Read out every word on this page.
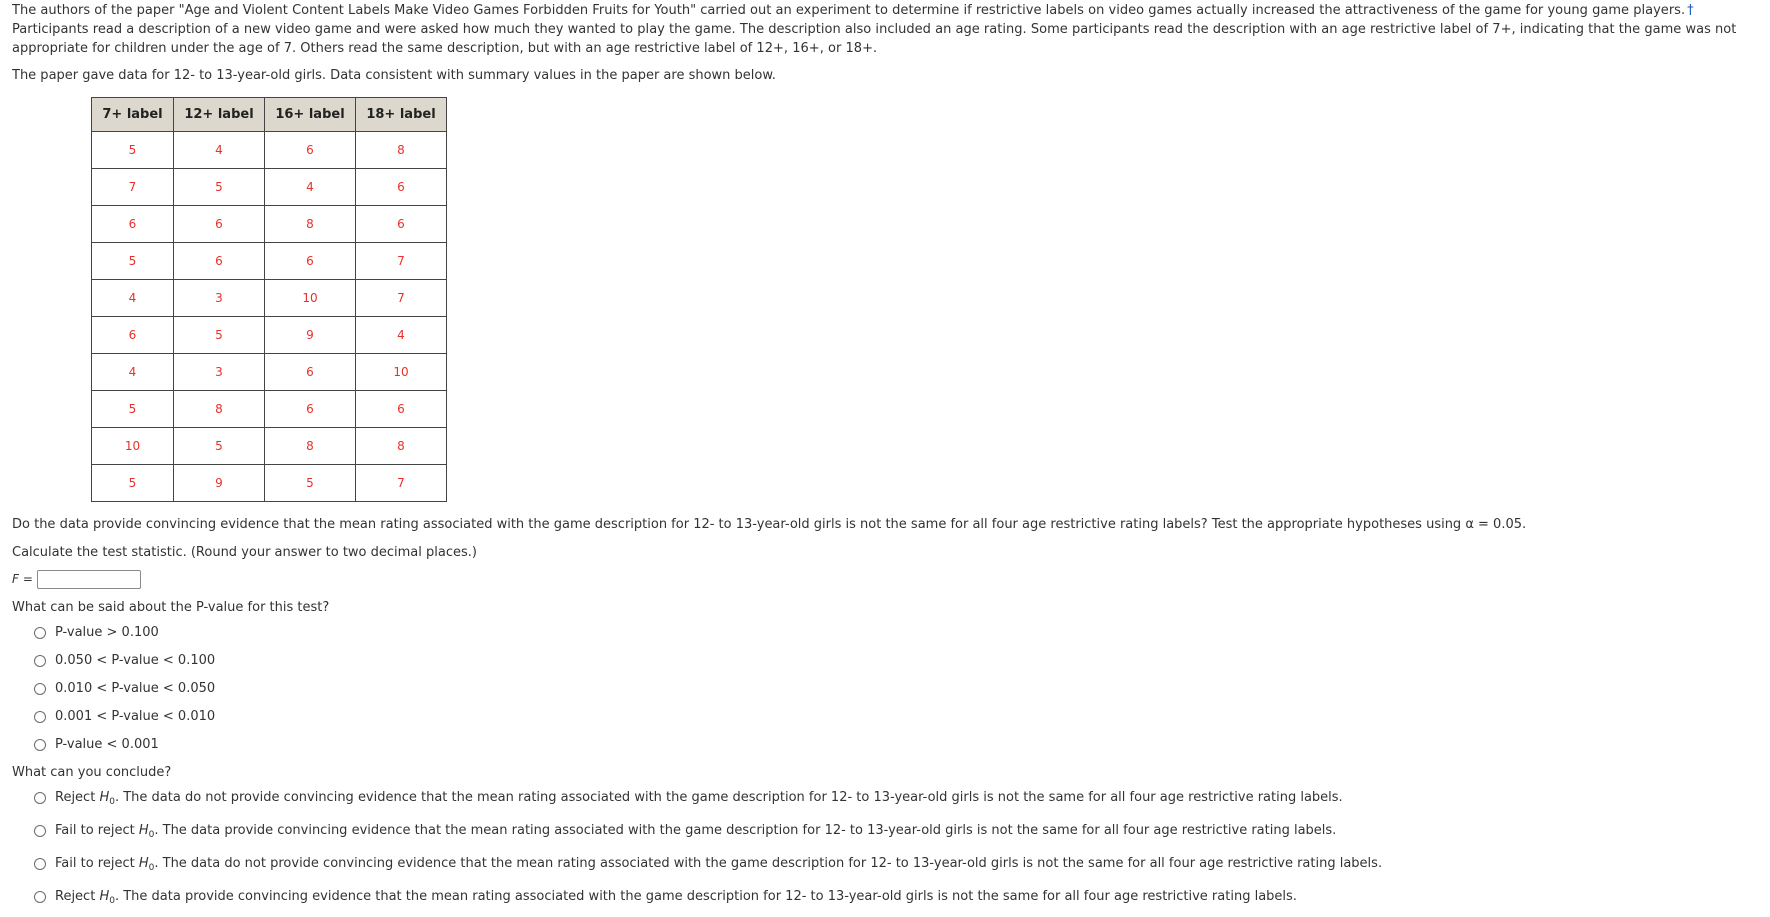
The authors of the paper "Age and Violent Content Labels Make Video Games Forbidden Fruits for Youth" carried out an experiment to determine if restrictive labels on video games actually increased the attractiveness of the game for young game players. † Participants read a description of a new video game and were asked how much they wanted to play the game. The description also included an age rating. Some participants read the description with an age restrictive label of 7+, indicating that the game was not appropriate for children under the age of 7. Others read the same description, but with an age restrictive label of 12+, 16+, or 18+.

The paper gave data for 12- to 13-year-old girls. Data consistent with summary values in the paper are shown below.

7+ label	12+ label	16+ label	18+ label
5	4	6	8
7	5	4	6
6	6	8	6
5	6	6	7
4	3	10	7
6	5	9	4
4	3	6	10
5	8	6	6
10	5	8	8
5	9	5	7

Do the data provide convincing evidence that the mean rating associated with the game description for 12- to 13-year-old girls is not the same for all four age restrictive rating labels? Test the appropriate hypotheses using α = 0.05.

Calculate the test statistic. (Round your answer to two decimal places.)

F =

What can be said about the P-value for this test?

P-value > 0.100
0.050 < P-value < 0.100
0.010 < P-value < 0.050
0.001 < P-value < 0.010
P-value < 0.001

What can you conclude?

Reject $H_0$. The data do not provide convincing evidence that the mean rating associated with the game description for 12- to 13-year-old girls is not the same for all four age restrictive rating labels.
Fail to reject $H_0$. The data provide convincing evidence that the mean rating associated with the game description for 12- to 13-year-old girls is not the same for all four age restrictive rating labels.
Fail to reject $H_0$. The data do not provide convincing evidence that the mean rating associated with the game description for 12- to 13-year-old girls is not the same for all four age restrictive rating labels.
Reject $H_0$. The data provide convincing evidence that the mean rating associated with the game description for 12- to 13-year-old girls is not the same for all four age restrictive rating labels.
